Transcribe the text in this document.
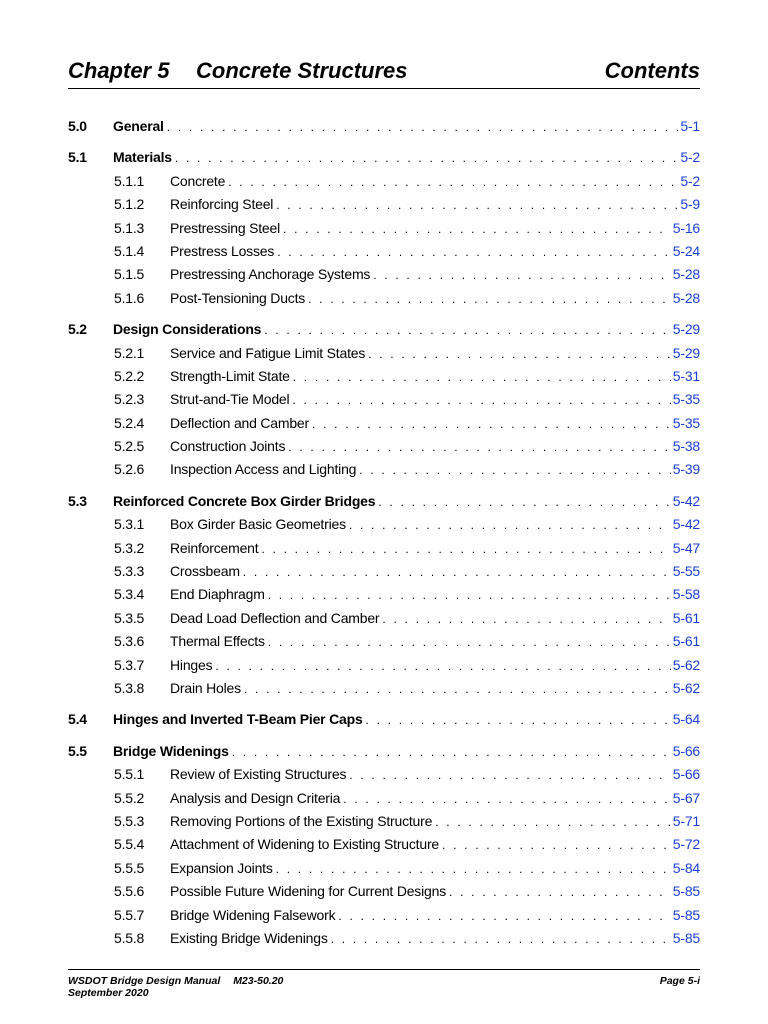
Chapter 5 Concrete Structures	Contents
5.0	General . . .	5-1
5.1	Materials . . .	5-2
5.1.1	Concrete . . .	5-2
5.1.2	Reinforcing Steel . . .	5-9
5.1.3	Prestressing Steel . . .	5-16
5.1.4	Prestress Losses . . .	5-24
5.1.5	Prestressing Anchorage Systems . . .	5-28
5.1.6	Post-Tensioning Ducts . . .	5-28
5.2	Design Considerations . . .	5-29
5.2.1	Service and Fatigue Limit States . . .	5-29
5.2.2	Strength-Limit State . . .	5-31
5.2.3	Strut-and-Tie Model . . .	5-35
5.2.4	Deflection and Camber . . .	5-35
5.2.5	Construction Joints . . .	5-38
5.2.6	Inspection Access and Lighting . . .	5-39
5.3	Reinforced Concrete Box Girder Bridges . . .	5-42
5.3.1	Box Girder Basic Geometries . . .	5-42
5.3.2	Reinforcement . . .	5-47
5.3.3	Crossbeam . . .	5-55
5.3.4	End Diaphragm . . .	5-58
5.3.5	Dead Load Deflection and Camber . . .	5-61
5.3.6	Thermal Effects . . .	5-61
5.3.7	Hinges . . .	5-62
5.3.8	Drain Holes . . .	5-62
5.4	Hinges and Inverted T-Beam Pier Caps . . .	5-64
5.5	Bridge Widenings . . .	5-66
5.5.1	Review of Existing Structures . . .	5-66
5.5.2	Analysis and Design Criteria . . .	5-67
5.5.3	Removing Portions of the Existing Structure . . .	5-71
5.5.4	Attachment of Widening to Existing Structure . . .	5-72
5.5.5	Expansion Joints . . .	5-84
5.5.6	Possible Future Widening for Current Designs . . .	5-85
5.5.7	Bridge Widening Falsework . . .	5-85
5.5.8	Existing Bridge Widenings . . .	5-85
WSDOT Bridge Design Manual M23-50.20	Page 5-i
September 2020
